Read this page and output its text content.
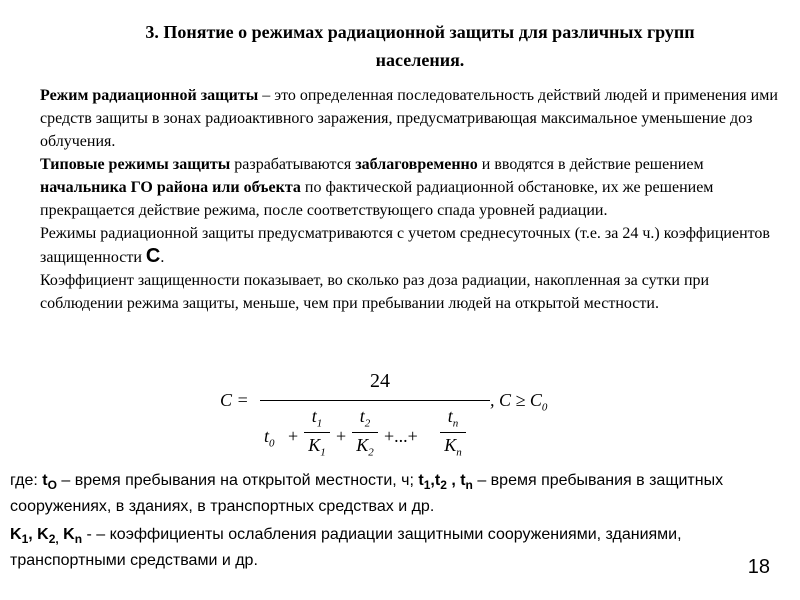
3. Понятие о режимах радиационной защиты для различных групп
населения.

Режим радиационной защиты – это определенная последовательность действий людей и применения ими средств защиты в зонах радиоактивного заражения, предусматривающая максимальное уменьшение доз облучения.

Типовые режимы защиты разрабатываются заблаговременно и вводятся в действие решением начальника ГО района или объекта по фактической радиационной обстановке, их же решением прекращается действие режима, после соответствующего спада уровней радиации.

Режимы радиационной защиты предусматриваются с учетом среднесуточных (т.е. за 24 ч.) коэффициентов защищенности С.

Коэффициент защищенности показывает, во сколько раз доза радиации, накопленная за сутки при соблюдении режима защиты, меньше, чем при пребывании людей на открытой местности.

C =
24
$t_0$ +
$t_1$
$K_1$
+
$t_2$
$K_2$
+...+
$t_n$
$K_n$
, $C \ge C_0$

где: $t_O$ – время пребывания на открытой местности, ч; $t_1,t_2$ , $t_n$ – время пребывания в защитных сооружениях, в зданиях, в транспортных средствах и др.

$K_1$, $K_{2,}$ $K_n$ - – коэффициенты ослабления радиации защитными сооружениями, зданиями, транспортными средствами и др.	18
